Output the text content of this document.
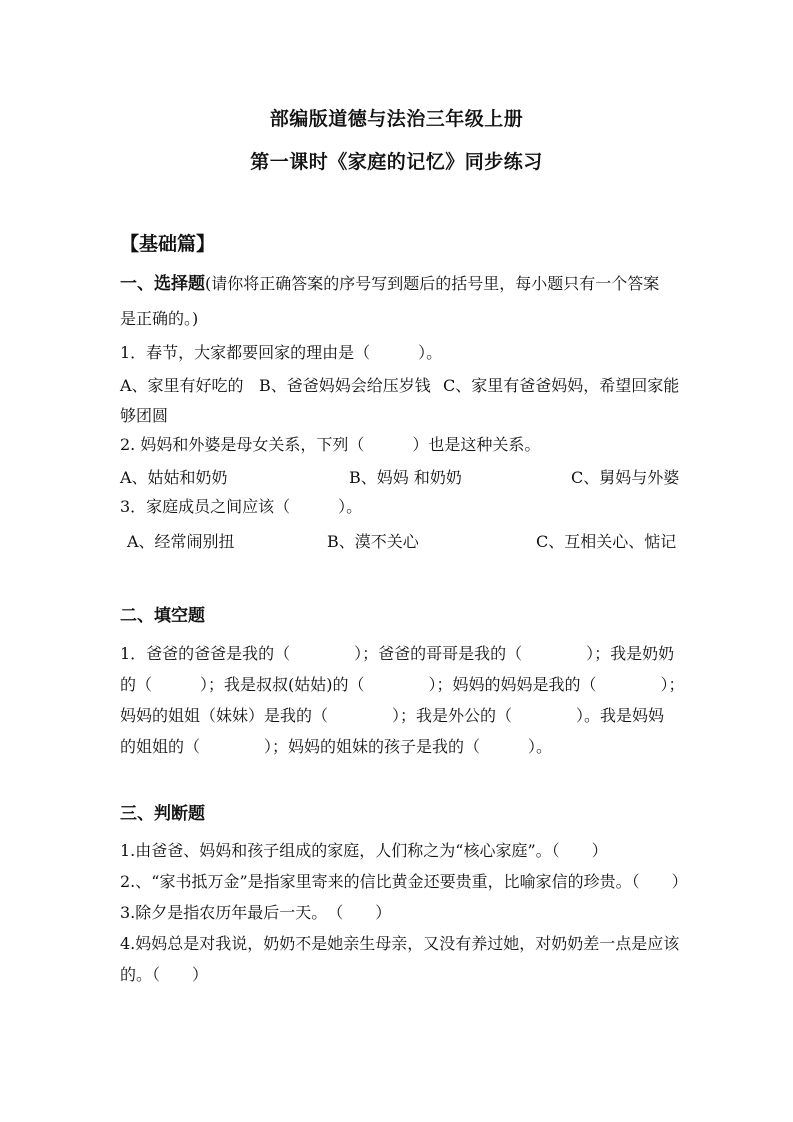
部编版道德与法治三年级上册
第一课时《家庭的记忆》同步练习
【基础篇】
一、选择题(请你将正确答案的序号写到题后的括号里，每小题只有一个答案
是正确的。)
1．春节，大家都要回家的理由是（　　　）。
A、家里有好吃的 B、爸爸妈妈会给压岁钱 C、家里有爸爸妈妈，希望回家能
够团圆
2. 妈妈和外婆是母女关系，下列（　　　）也是这种关系。
A、姑姑和奶奶	B、妈妈 和奶奶	C、舅妈与外婆
3．家庭成员之间应该（　　　）。
A、经常闹别扭	B、漠不关心	C、互相关心、惦记
二、填空题
1．爸爸的爸爸是我的（　　　　）；爸爸的哥哥是我的（　　　　）；我是奶奶
的（　　　）；我是叔叔(姑姑)的（　　　　）；妈妈的妈妈是我的（　　　　）；
妈妈的姐姐（妹妹）是我的（　　　　）；我是外公的（　　　　）。我是妈妈
的姐姐的（　　　　）；妈妈的姐妹的孩子是我的（　　　）。
三、判断题
1.由爸爸、妈妈和孩子组成的家庭，人们称之为“核心家庭”。（　　）
2.、“家书抵万金”是指家里寄来的信比黄金还要贵重，比喻家信的珍贵。（　　）
3.除夕是指农历年最后一天。　（　　）
4.妈妈总是对我说，奶奶不是她亲生母亲，又没有养过她，对奶奶差一点是应该
的。（　　）
